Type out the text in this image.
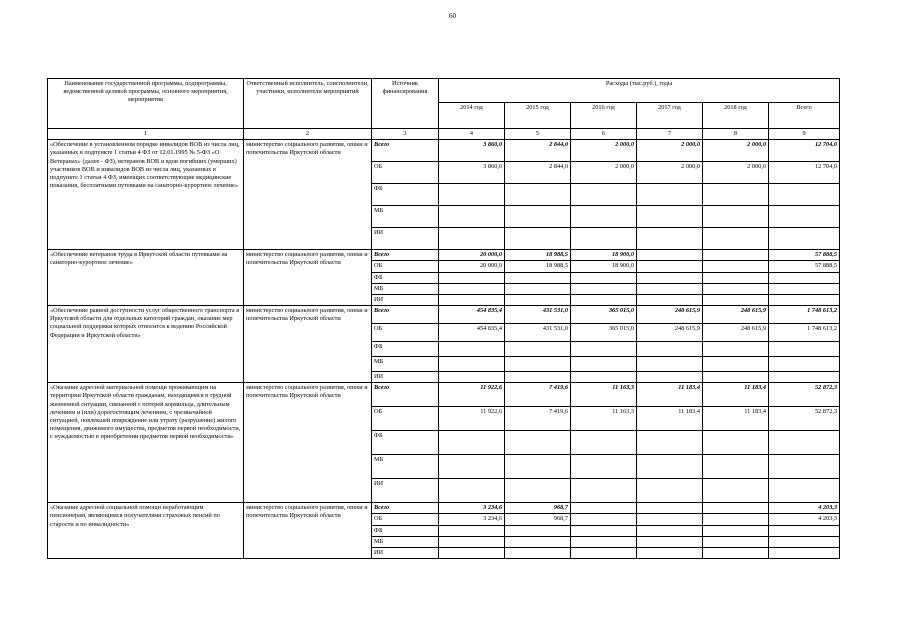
60
Наименование государственной программы, подпрограммы, ведомственной целевой программы, основного мероприятия, мероприятия	Ответственный исполнитель, соисполнители, участники, исполнители мероприятий	Источник финансирования	Расходы (тыс.руб.), годы					
			2014 год	2015 год	2016 год	2017 год	2018 год	Всего
1	2	3	4	5	6	7	8	9
«Обеспечение в установленном порядке инвалидов ВОВ из числа лиц, указанных в подпункте 1 статьи 4 ФЗ от 12.01.1995 № 5-ФЗ «О Ветеранах» (далее - ФЗ), ветеранов ВОВ и вдов погибших (умерших) участников ВОВ и инвалидов ВОВ из числа лиц, указанных в подпункте 1 статьи 4 ФЗ, имеющих соответствующие медицинские показания, бесплатными путевками на санаторно-курортное лечение»	министерство социального развития, опеки и попечительства Иркутской области	Всего	3 860,0	2 844,0	2 000,0	2 000,0	2 000,0	12 704,0
		ОБ	3 860,0	2 844,0	2 000,0	2 000,0	2 000,0	12 704,0
		ФБ						
		МБ						
		ИИ						
«Обеспечение ветеранов труда в Иркутской области путевками на санаторно-курортное лечение»	министерство социального развития, опеки и попечительства Иркутской области	Всего	20 000,0	18 988,5	18 900,0			57 888,5
		ОБ	20 000,0	18 988,5	18 900,0			57 888,5
		ФБ						
		МБ						
		ИИ						
«Обеспечение равной доступности услуг общественного транспорта в Иркутской области для отдельных категорий граждан, оказание мер социальной поддержки которых относится к ведению Российской Федерации и Иркутской области»	министерство социального развития, опеки и попечительства Иркутской области	Всего	454 835,4	431 531,0	365 015,0	248 615,9	248 615,9	1 748 613,2
		ОБ	454 835,4	431 531,0	365 015,0	248 615,9	248 615,9	1 748 613,2
		ФБ						
		МБ						
		ИИ						
«Оказание адресной материальной помощи проживающим на территории Иркутской области гражданам, находящимся в трудной жизненной ситуации, связанной с потерей кормильца, длительным лечением и (или) дорогостоящим лечением, с чрезвычайной ситуацией, повлекшей повреждение или утрату (разрушение) жилого помещения, движимого имущества, предметов первой необходимости, с нуждаемостью в приобретении предметов первой необходимости»	министерство социального развития, опеки и попечительства Иркутской области	Всего	11 922,6	7 419,6	11 163,3	11 183,4	11 183,4	52 872,3
		ОБ	11 922,6	7 419,6	11 163,3	11 183,4	11 183,4	52 872,3
		ФБ						
		МБ						
		ИИ						
«Оказание адресной социальной помощи неработающим пенсионерам, являющимся получателями страховых пенсий по старости и по инвалидности»	министерство социального развития, опеки и попечительства Иркутской области	Всего	3 234,6	968,7				4 203,3
		ОБ	3 234,6	968,7				4 203,3
		ФБ						
		МБ						
		ИИ						
